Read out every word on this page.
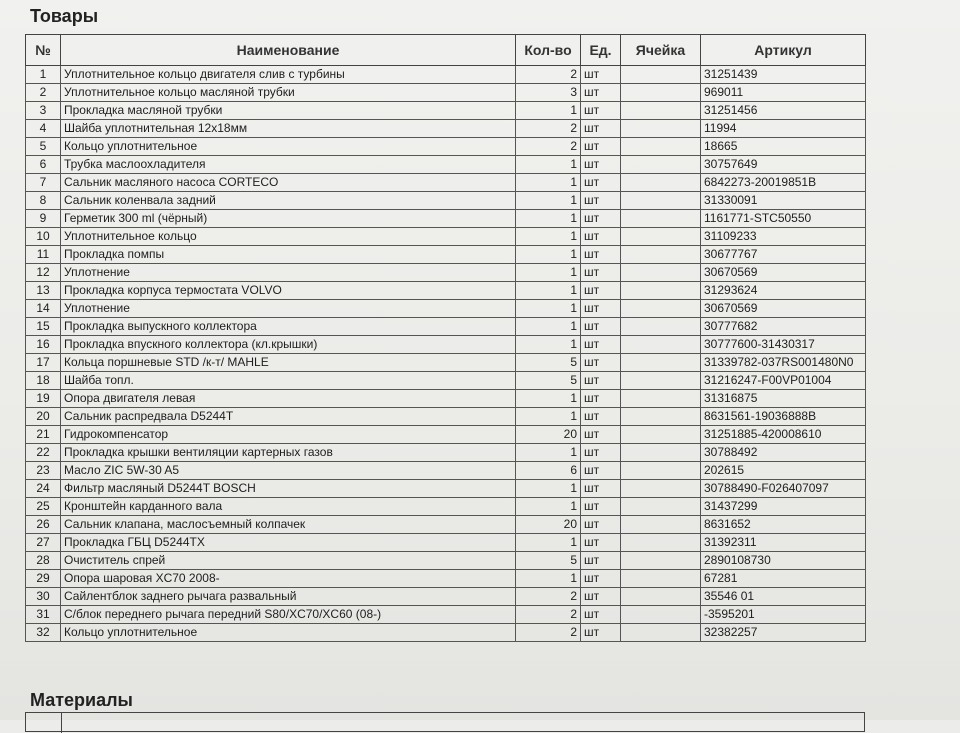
Товары
№	Наименование	Кол-во	Ед.	Ячейка	Артикул
1	Уплотнительное кольцо двигателя слив с турбины	2	шт		31251439
2	Уплотнительное кольцо масляной трубки	3	шт		969011
3	Прокладка масляной трубки	1	шт		31251456
4	Шайба уплотнительная 12х18мм	2	шт		11994
5	Кольцо уплотнительное	2	шт		18665
6	Трубка маслоохладителя	1	шт		30757649
7	Сальник масляного насоса CORTECO	1	шт		6842273-20019851B
8	Сальник коленвала задний	1	шт		31330091
9	Герметик 300 ml (чёрный)	1	шт		1161771-STC50550
10	Уплотнительное кольцо	1	шт		31109233
11	Прокладка помпы	1	шт		30677767
12	Уплотнение	1	шт		30670569
13	Прокладка корпуса термостата VOLVO	1	шт		31293624
14	Уплотнение	1	шт		30670569
15	Прокладка выпускного коллектора	1	шт		30777682
16	Прокладка впускного коллектора (кл.крышки)	1	шт		30777600-31430317
17	Кольца поршневые STD /к-т/ MAHLE	5	шт		31339782-037RS001480N0
18	Шайба топл.	5	шт		31216247-F00VP01004
19	Опора двигателя левая	1	шт		31316875
20	Сальник распредвала D5244T	1	шт		8631561-19036888B
21	Гидрокомпенсатор	20	шт		31251885-420008610
22	Прокладка крышки вентиляции картерных газов	1	шт		30788492
23	Масло ZIC 5W-30 A5	6	шт		202615
24	Фильтр масляный D5244T BOSCH	1	шт		30788490-F026407097
25	Кронштейн карданного вала	1	шт		31437299
26	Сальник клапана, маслосъемный колпачек	20	шт		8631652
27	Прокладка ГБЦ D5244TX	1	шт		31392311
28	Очиститель спрей	5	шт		2890108730
29	Опора шаровая XC70 2008-	1	шт		67281
30	Сайлентблок заднего рычага развальный	2	шт		35546 01
31	С/блок переднего рычага передний S80/XC70/XC60 (08-)	2	шт		-3595201
32	Кольцо уплотнительное	2	шт		32382257
Материалы
